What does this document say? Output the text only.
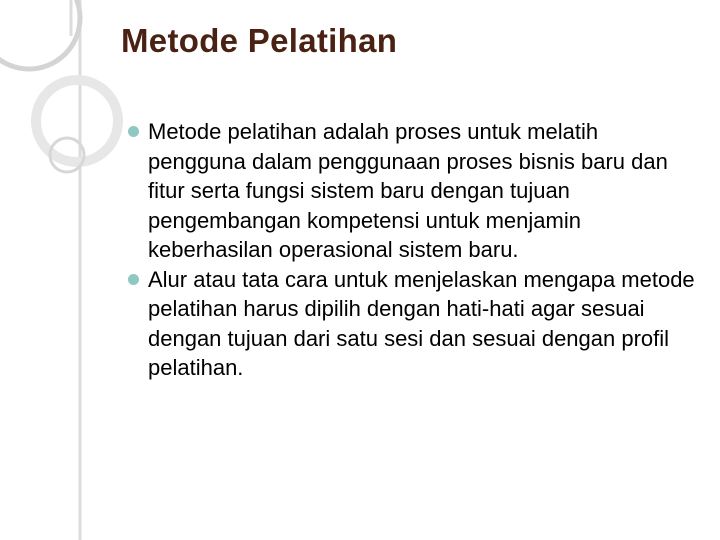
Metode Pelatihan
Metode pelatihan adalah proses untuk melatih pengguna dalam penggunaan proses bisnis baru dan fitur serta fungsi sistem baru dengan tujuan pengembangan kompetensi untuk menjamin keberhasilan operasional sistem baru.
Alur atau tata cara untuk menjelaskan mengapa metode pelatihan harus dipilih dengan hati-hati agar sesuai dengan tujuan dari satu sesi dan sesuai dengan profil pelatihan.
